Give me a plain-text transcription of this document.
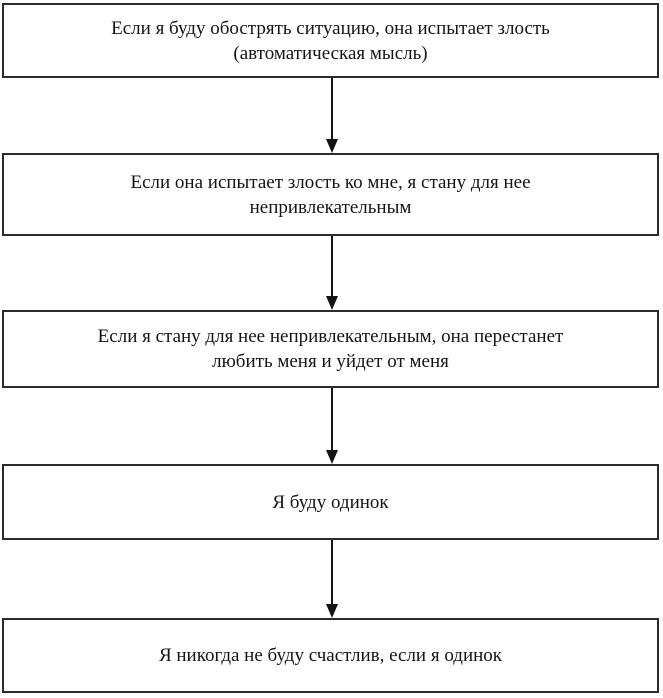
Если я буду обострять ситуацию, она испытает злость
(автоматическая мысль)
Если она испытает злость ко мне, я стану для нее
непривлекательным
Если я стану для нее непривлекательным, она перестанет
любить меня и уйдет от меня
Я буду одинок
Я никогда не буду счастлив, если я одинок
